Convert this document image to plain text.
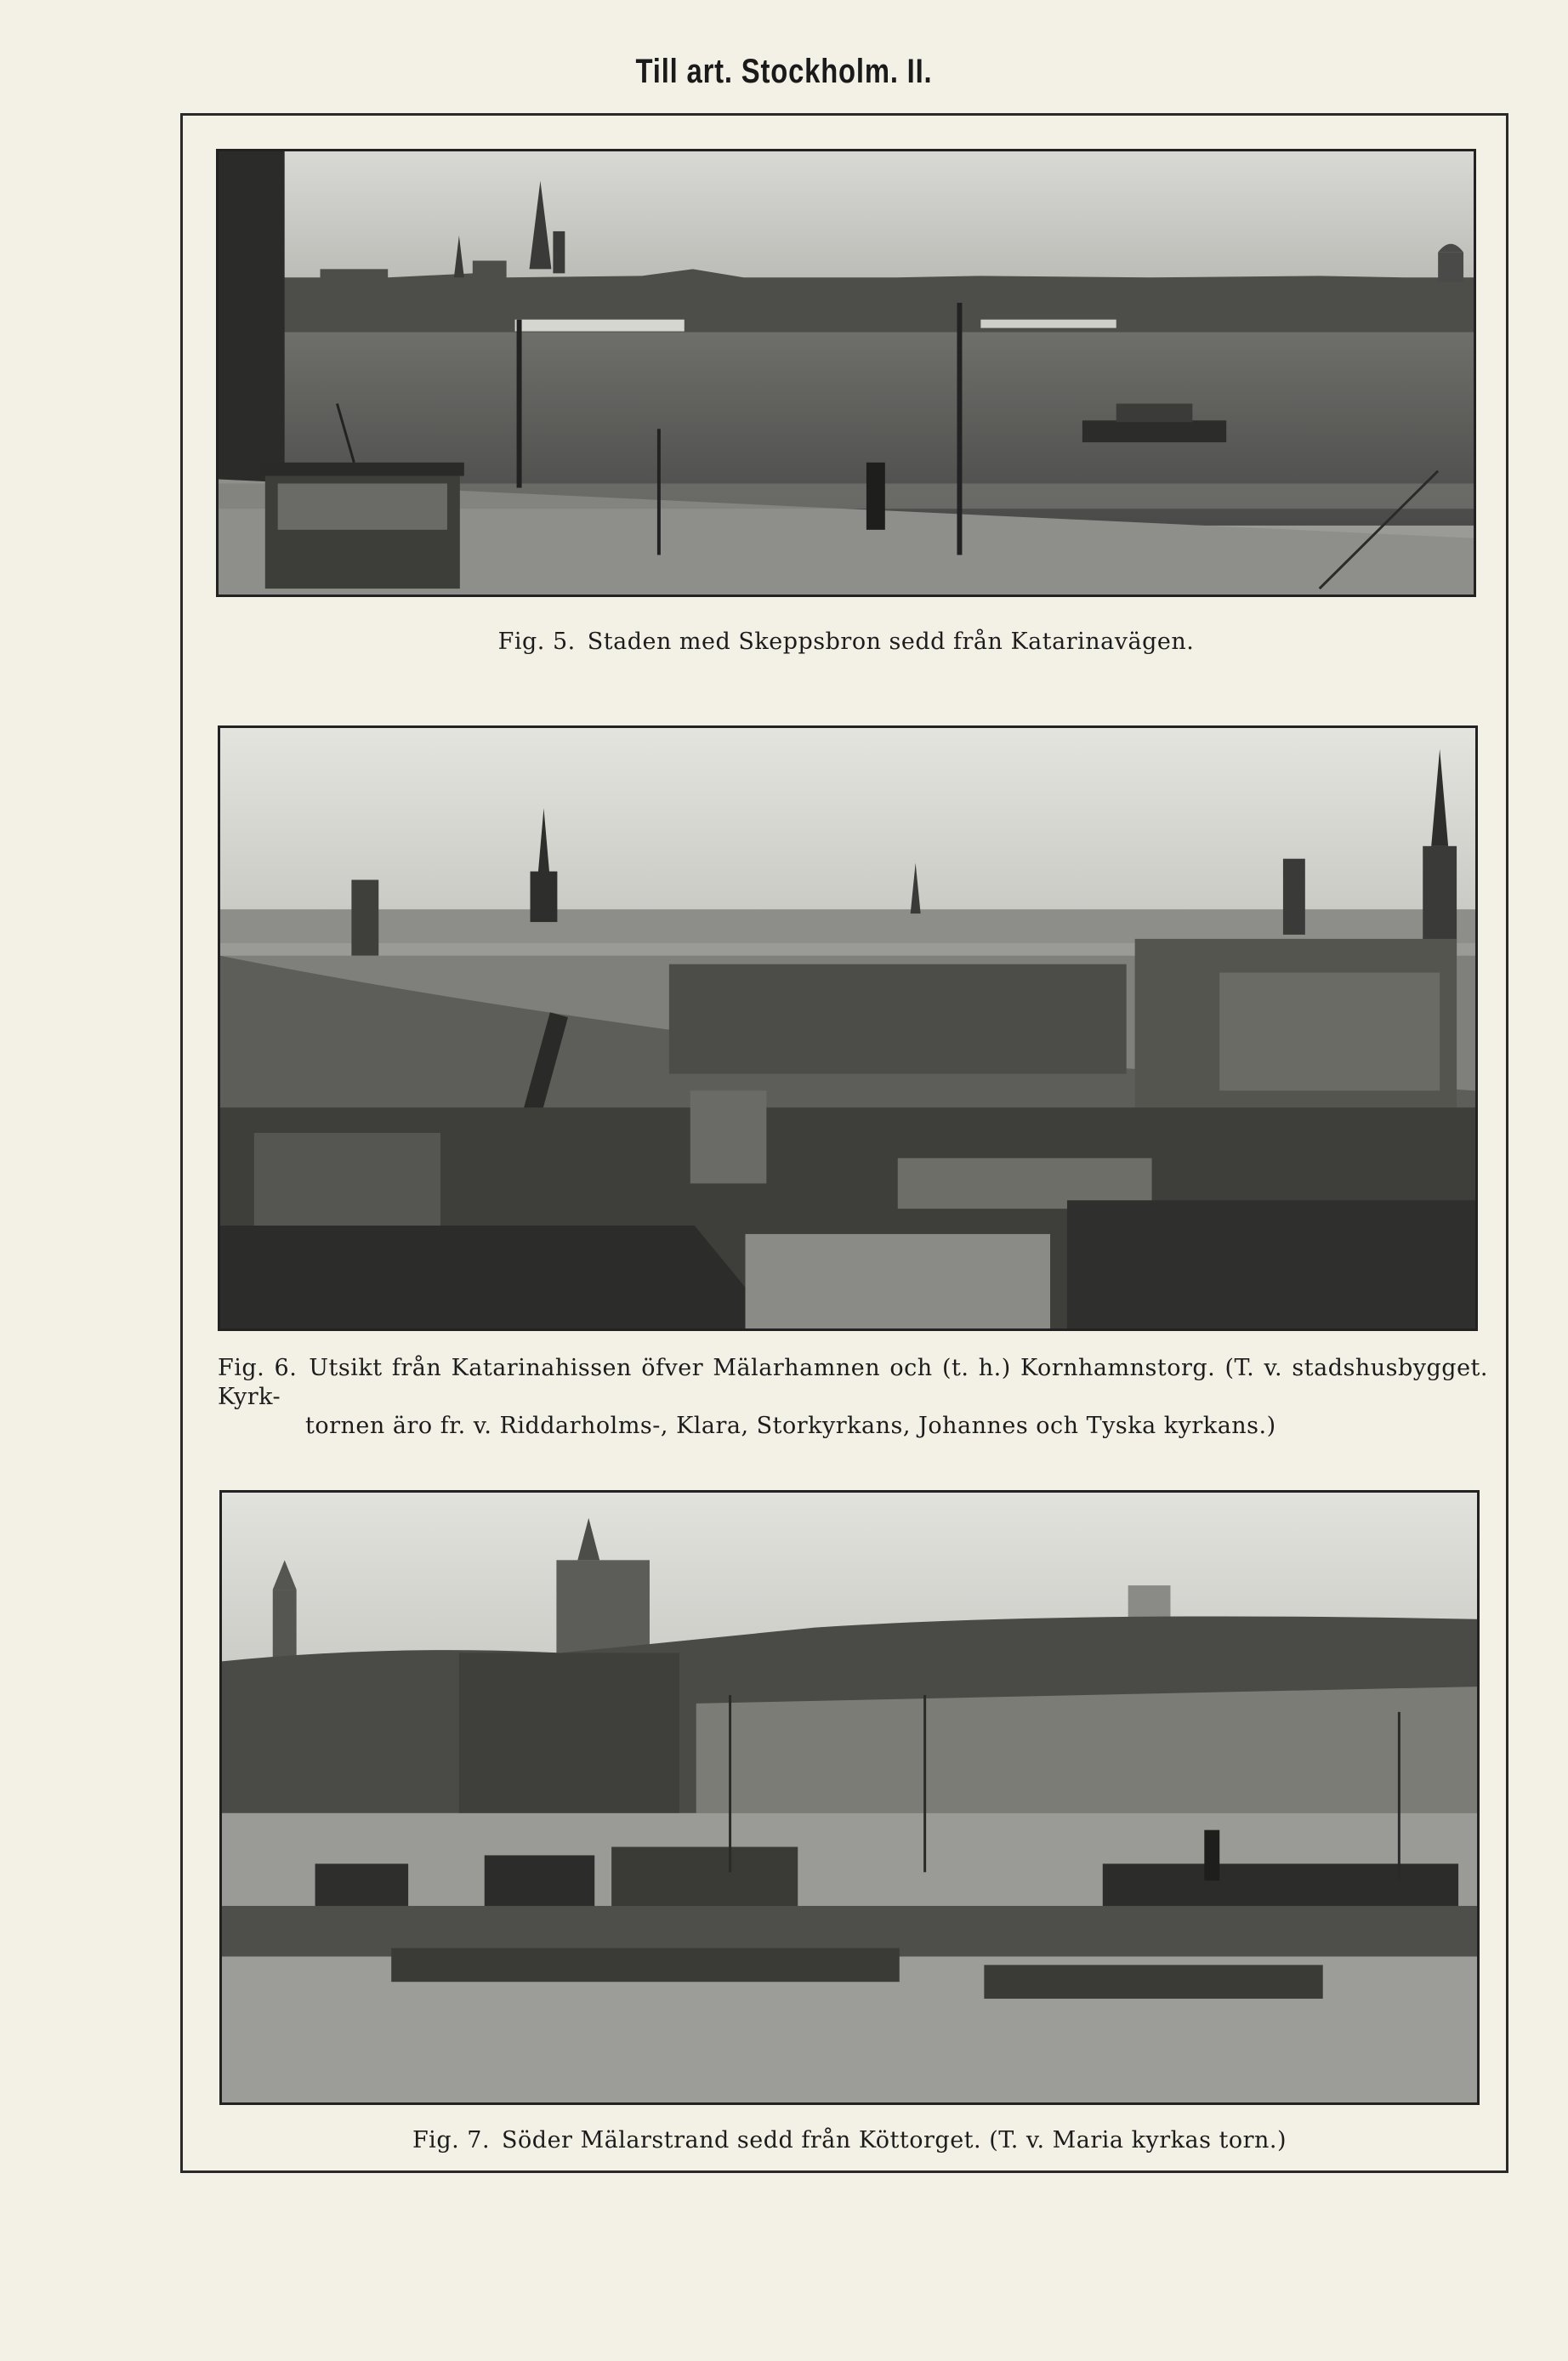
Till art. Stockholm. II.
Fig. 5. Staden med Skeppsbron sedd från Katarinavägen.
Fig. 6. Utsikt från Katarinahissen öfver Mälarhamnen och (t. h.) Kornhamnstorg. (T. v. stadshusbygget. Kyrk-
tornen äro fr. v. Riddarholms-, Klara, Storkyrkans, Johannes och Tyska kyrkans.)
Fig. 7. Söder Mälarstrand sedd från Köttorget. (T. v. Maria kyrkas torn.)
